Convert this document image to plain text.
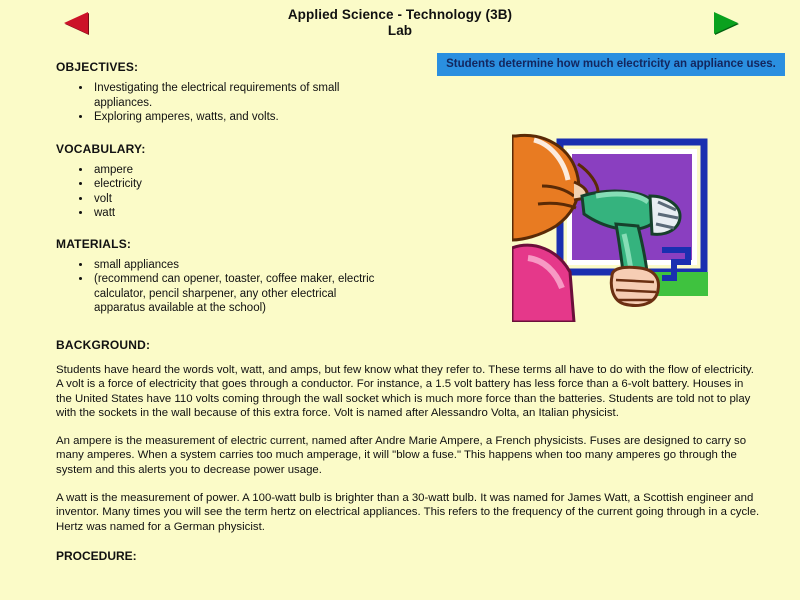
Applied Science - Technology (3B)
Lab
Students determine how much electricity an appliance uses.
OBJECTIVES:
• Investigating the electrical requirements of small appliances.
• Exploring amperes, watts, and volts.
VOCABULARY:
• ampere
• electricity
• volt
• watt
MATERIALS:
• small appliances
• (recommend can opener, toaster, coffee maker, electric calculator, pencil sharpener, any other electrical apparatus available at the school)
BACKGROUND:

Students have heard the words volt, watt, and amps, but few know what they refer to. These terms all have to do with the flow of electricity. A volt is a force of electricity that goes through a conductor. For instance, a 1.5 volt battery has less force than a 6-volt battery. Houses in the United States have 110 volts coming through the wall socket which is much more force than the batteries. Students are told not to play with the sockets in the wall because of this extra force. Volt is named after Alessandro Volta, an Italian physicist.

An ampere is the measurement of electric current, named after Andre Marie Ampere, a French physicists. Fuses are designed to carry so many amperes. When a system carries too much amperage, it will "blow a fuse." This happens when too many amperes go through the system and this alerts you to decrease power usage.

A watt is the measurement of power. A 100-watt bulb is brighter than a 30-watt bulb. It was named for James Watt, a Scottish engineer and inventor. Many times you will see the term hertz on electrical appliances. This refers to the frequency of the current going through in a cycle. Hertz was named for a German physicist.

PROCEDURE:
